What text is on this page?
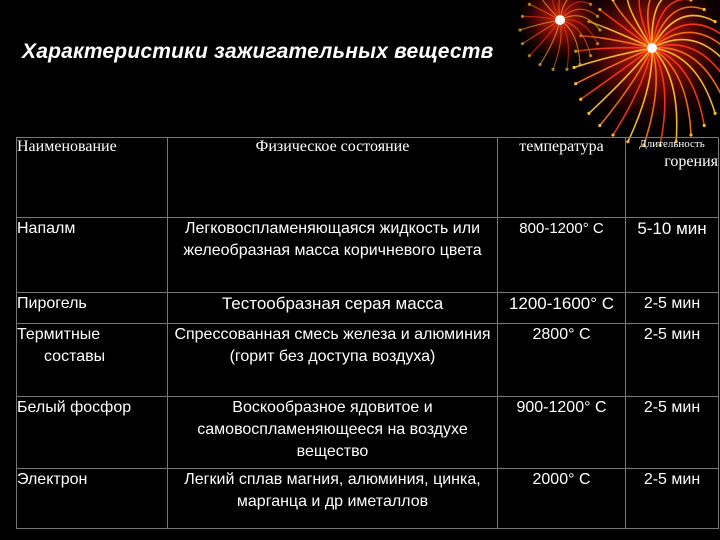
Характеристики зажигательных веществ
Наименование	Физическое состояние	температура	Длительность
горения
Напалм	Легковоспламеняющаяся жидкость или желеобразная масса коричневого цвета	800-1200° С	5-10 мин
Пирогель	Тестообразная серая масса	1200-1600° С	2-5 мин
Термитные
составы	Спрессованная смесь железа и алюминия (горит без доступа воздуха)	2800° С	2-5 мин
Белый фосфор	Воскообразное ядовитое и самовоспламеняющееся на воздухе вещество	900-1200° С	2-5 мин
Электрон	Легкий сплав магния, алюминия, цинка, марганца и др иметаллов	2000° С	2-5 мин
